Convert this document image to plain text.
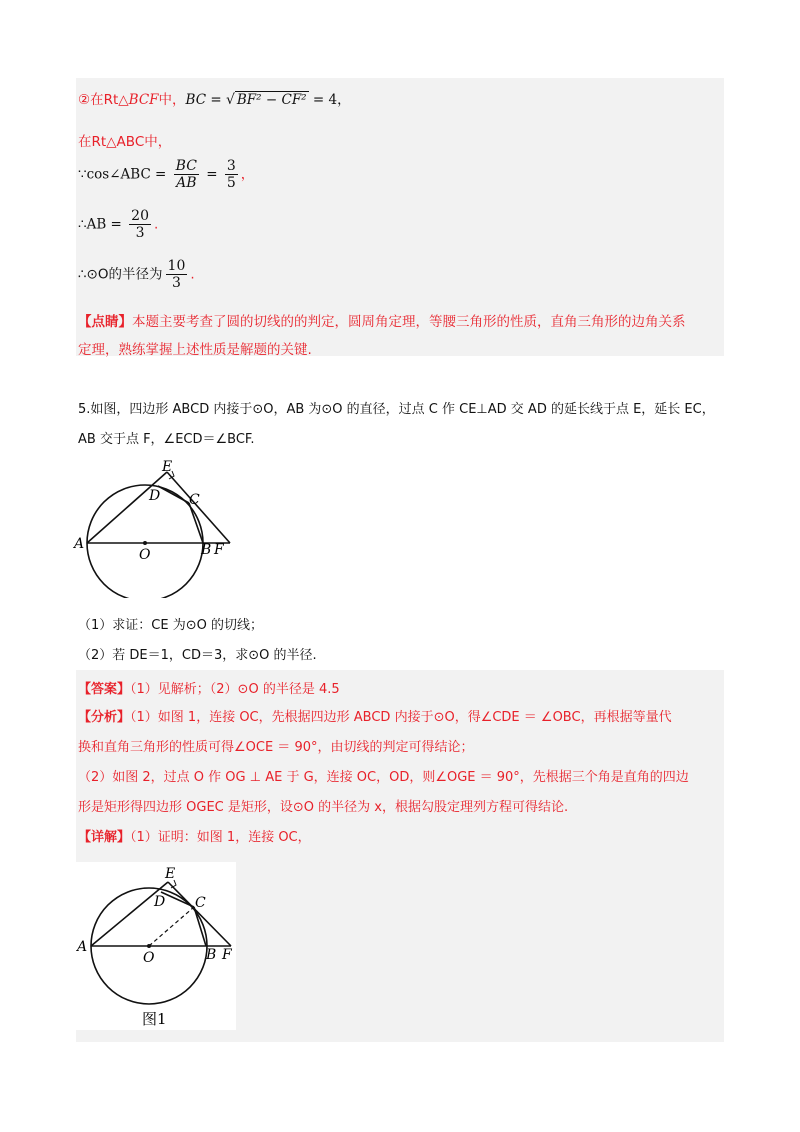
②在Rt△BCF中，BC = √ BF² − CF² = 4，
在Rt△ABC中，
∵cos∠ABC = $\frac{BC}{AB} = \frac{3}{5}$ ，
∴AB = $\frac{20}{3}$ .
∴⊙O的半径为 $\frac{10}{3}$ .
【点睛】本题主要考查了圆的切线的的判定，圆周角定理，等腰三角形的性质，直角三角形的边角关系
定理，熟练掌握上述性质是解题的关键.
5.如图，四边形 ABCD 内接于⊙O，AB 为⊙O 的直径，过点 C 作 CE⊥AD 交 AD 的延长线于点 E，延长 EC，
AB 交于点 F，∠ECD＝∠BCF.
A
O	B F
E
D C
（1）求证：CE 为⊙O 的切线；
（2）若 DE＝1，CD＝3，求⊙O 的半径.
【答案】（1）见解析；（2）⊙O 的半径是 4.5
【分析】（1）如图 1，连接 OC，先根据四边形 ABCD 内接于⊙O，得∠CDE ＝ ∠OBC，再根据等量代
换和直角三角形的性质可得∠OCE ＝ 90°，由切线的判定可得结论；
（2）如图 2，过点 O 作 OG ⊥ AE 于 G，连接 OC，OD，则∠OGE ＝ 90°，先根据三个角是直角的四边
形是矩形得四边形 OGEC 是矩形，设⊙O 的半径为 x，根据勾股定理列方程可得结论.
【详解】（1）证明：如图 1，连接 OC，
A
O	B F
E
D C
图1
